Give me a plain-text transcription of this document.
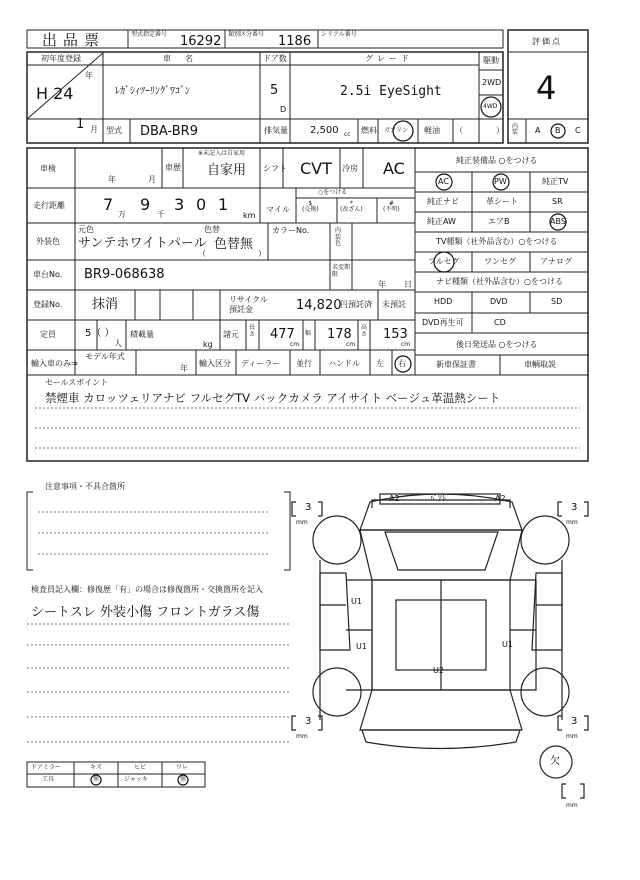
出品票	型式指定番号 16292 類別区分番号 1186 シリアル番号
評価点
4
初年度登録
年
H 24
1 月
車　名
ﾚｶﾞｼｨﾂｰﾘﾝｸﾞﾜｺﾞﾝ
ドア数
5
D
グレード
2.5i EyeSight
駆動
2WD
4WD
型式 DBA-BR9	排気量 2,500 cc 燃料 ガソリン 軽油 （	） 内装	A B C
車検
年	月
車歴
※未記入は自家用
自家用 シフト CVT 冷房 AC
走行距離 7
万
9
千
3 0 1
km
○をつける
マイル
$
(交換)
*
(改ざん)
#
(不明)
外装色
元色
サンテホワイトパール
色替
色替無
（	）
カラーNo.	内装色
車台No. BR9-068638	名変期限
年 日
登録No. 抹消	リサイクル預託金	14,820
円預託済 未預託
定員	5（ ）
人
積載量
kg
諸元
長さ 477
cm
幅 178
cm
高さ 153
cm
輸入車のみ⇒
モデル年式
年
輸入区分 ディーラー 並行 ハンドル 左 右
純正装備品 ○をつける
AC	PW	純正TV
純正ナビ	革シート	SR
純正AW	エアB	ABS
TV種類（社外品含む）○をつける
フルセグ	ワンセグ	アナログ
ナビ種類（社外品含む）○をつける
HDD	DVD	SD
DVD再生可	CD
後日発送品 ○をつける
新車保証書	車輌取説
セールスポイント
禁煙車 カロッツェリアナビ フルセグTV バックカメラ アイサイト ベージュ革温熱シート
注意事項・不具合箇所
検査員記入欄：修復歴「有」の場合は修復箇所・交換箇所を記入
シートスレ 外装小傷 フロントガラス傷
ドアミラー	キズ	ヒビ	ワレ
工具	無	ジャッキ	無
3
mm
3
mm
3
mm
3
mm
欠
mm
A2	ﾊﾟｱﾄ	A2
U1
U1	U1
U2
